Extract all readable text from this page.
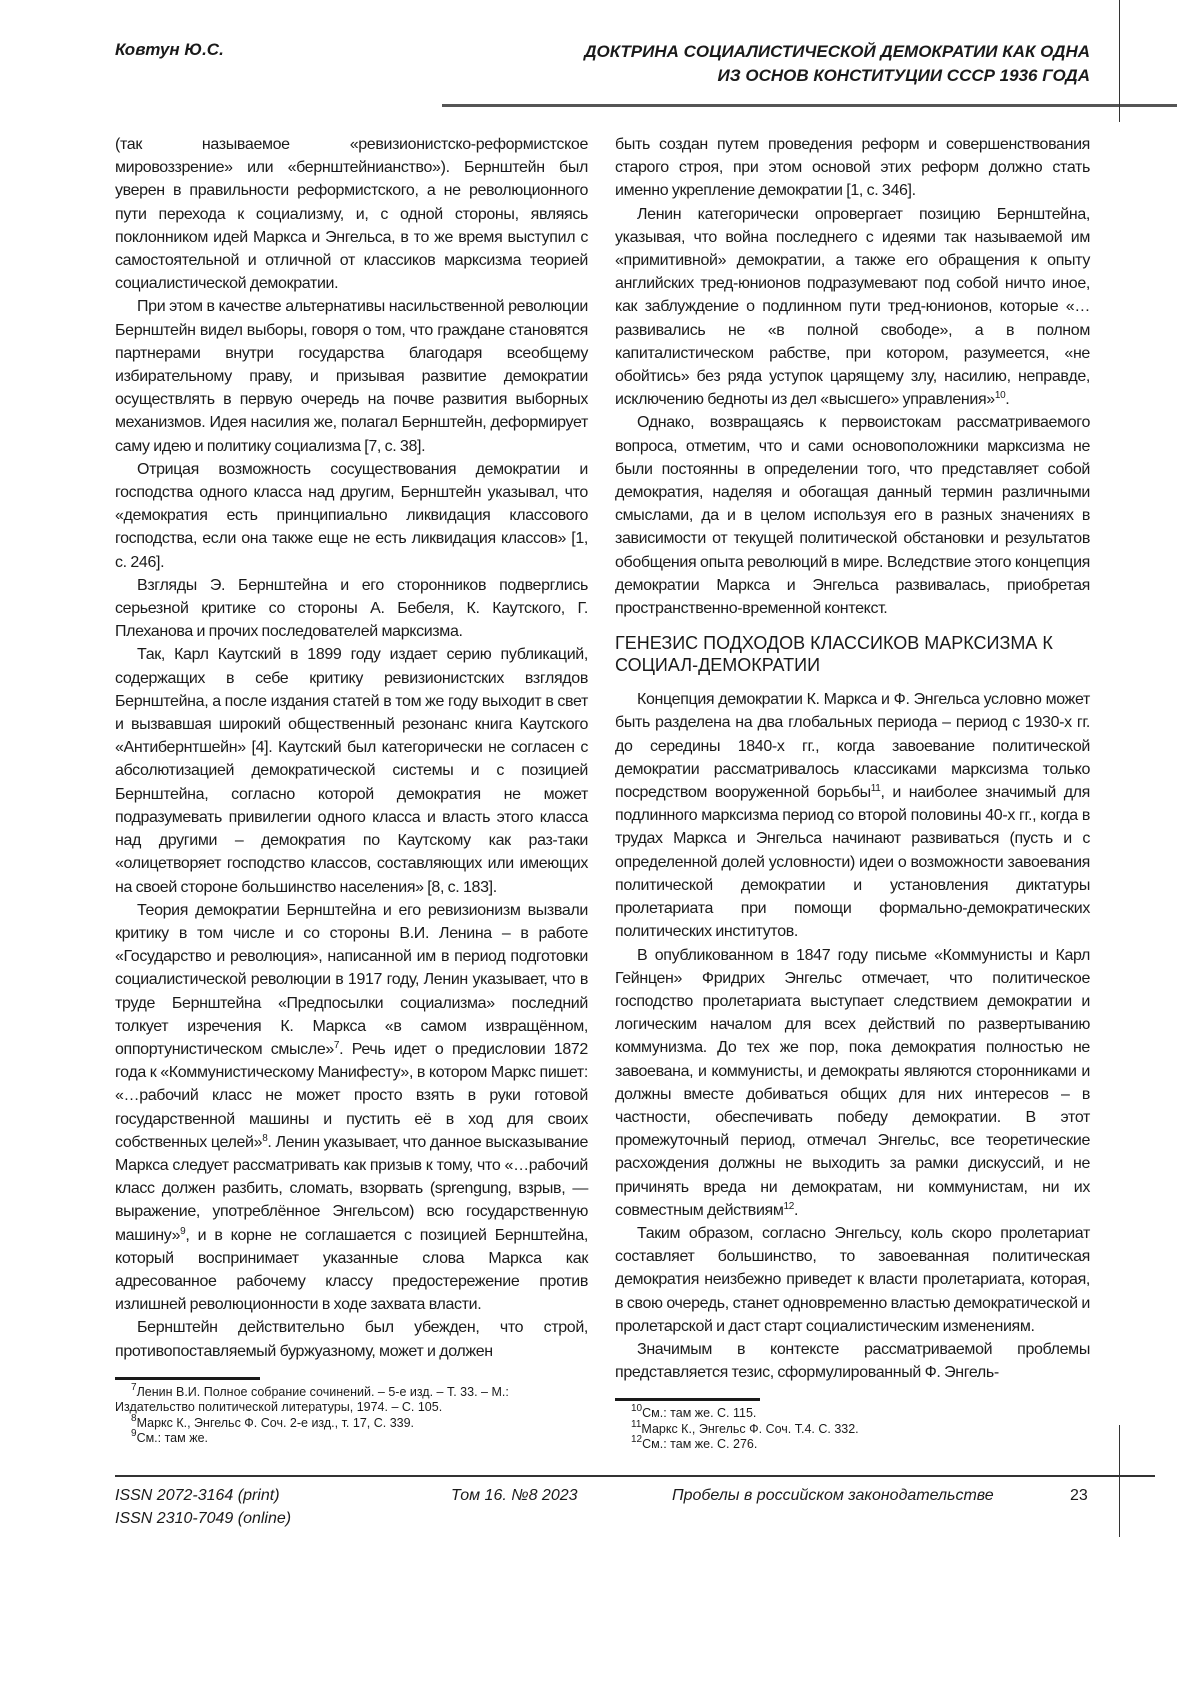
Ковтун Ю.С.	ДОКТРИНА СОЦИАЛИСТИЧЕСКОЙ ДЕМОКРАТИИ КАК ОДНА
ИЗ ОСНОВ КОНСТИТУЦИИ СССР 1936 ГОДА

(так называемое «ревизионистско-реформистское мировоззрение» или «бернштейнианство»). Бернштейн был уверен в правильности реформистского, а не революционного пути перехода к социализму, и, с одной стороны, являясь поклонником идей Маркса и Энгельса, в то же время выступил с самостоятельной и отличной от классиков марксизма теорией социалистической демократии.

При этом в качестве альтернативы насильственной революции Бернштейн видел выборы, говоря о том, что граждане становятся партнерами внутри государства благодаря всеобщему избирательному праву, и призывая развитие демократии осуществлять в первую очередь на почве развития выборных механизмов. Идея насилия же, полагал Бернштейн, деформирует саму идею и политику социализма [7, с. 38].

Отрицая возможность сосуществования демократии и господства одного класса над другим, Бернштейн указывал, что «демократия есть принципиально ликвидация классового господства, если она также еще не есть ликвидация классов» [1, с. 246].

Взгляды Э. Бернштейна и его сторонников подверглись серьезной критике со стороны А. Бебеля, К. Каутского, Г. Плеханова и прочих последователей марксизма.

Так, Карл Каутский в 1899 году издает серию публикаций, содержащих в себе критику ревизионистских взглядов Бернштейна, а после издания статей в том же году выходит в свет и вызвавшая широкий общественный резонанс книга Каутского «Антибернтшейн» [4]. Каутский был категорически не согласен с абсолютизацией демократической системы и с позицией Бернштейна, согласно которой демократия не может подразумевать привилегии одного класса и власть этого класса над другими – демократия по Каутскому как раз-таки «олицетворяет господство классов, составляющих или имеющих на своей стороне большинство населения» [8, с. 183].

Теория демократии Бернштейна и его ревизионизм вызвали критику в том числе и со стороны В.И. Ленина – в работе «Государство и революция», написанной им в период подготовки социалистической революции в 1917 году, Ленин указывает, что в труде Бернштейна «Предпосылки социализма» последний толкует изречения К. Маркса «в самом извращённом, оппортунистическом смысле»7. Речь идет о предисловии 1872 года к «Коммунистическому Манифесту», в котором Маркс пишет: «…рабочий класс не может просто взять в руки готовой государственной машины и пустить её в ход для своих собственных целей»8. Ленин указывает, что данное высказывание Маркса следует рассматривать как призыв к тому, что «…рабочий класс должен разбить, сломать, взорвать (sprengung, взрыв, — выражение, употреблённое Энгельсом) всю государственную машину»9, и в корне не соглашается с позицией Бернштейна, который воспринимает указанные слова Маркса как адресованное рабочему классу предостережение против излишней революционности в ходе захвата власти.

Бернштейн действительно был убежден, что строй, противопоставляемый буржуазному, может и должен

7Ленин В.И. Полное собрание сочинений. – 5-е изд. – Т. 33. – М.: Издательство политической литературы, 1974. – С. 105.
8Маркс К., Энгельс Ф. Соч. 2-е изд., т. 17, С. 339.
9См.: там же.

быть создан путем проведения реформ и совершенствования старого строя, при этом основой этих реформ должно стать именно укрепление демократии [1, с. 346].

Ленин категорически опровергает позицию Бернштейна, указывая, что война последнего с идеями так называемой им «примитивной» демократии, а также его обращения к опыту английских тред-юнионов подразумевают под собой ничто иное, как заблуждение о подлинном пути тред-юнионов, которые «…развивались не «в полной свободе», а в полном капиталистическом рабстве, при котором, разумеется, «не обойтись» без ряда уступок царящему злу, насилию, неправде, исключению бедноты из дел «высшего» управления»10.

Однако, возвращаясь к первоистокам рассматриваемого вопроса, отметим, что и сами основоположники марксизма не были постоянны в определении того, что представляет собой демократия, наделяя и обогащая данный термин различными смыслами, да и в целом используя его в разных значениях в зависимости от текущей политической обстановки и результатов обобщения опыта революций в мире. Вследствие этого концепция демократии Маркса и Энгельса развивалась, приобретая пространственно-временной контекст.

ГЕНЕЗИС ПОДХОДОВ КЛАССИКОВ МАРКСИЗМА К СОЦИАЛ-ДЕМОКРАТИИ

Концепция демократии К. Маркса и Ф. Энгельса условно может быть разделена на два глобальных периода – период с 1930-х гг. до середины 1840-х гг., когда завоевание политической демократии рассматривалось классиками марксизма только посредством вооруженной борьбы11, и наиболее значимый для подлинного марксизма период со второй половины 40-х гг., когда в трудах Маркса и Энгельса начинают развиваться (пусть и с определенной долей условности) идеи о возможности завоевания политической демократии и установления диктатуры пролетариата при помощи формально-демократических политических институтов.

В опубликованном в 1847 году письме «Коммунисты и Карл Гейнцен» Фридрих Энгельс отмечает, что политическое господство пролетариата выступает следствием демократии и логическим началом для всех действий по развертыванию коммунизма. До тех же пор, пока демократия полностью не завоевана, и коммунисты, и демократы являются сторонниками и должны вместе добиваться общих для них интересов – в частности, обеспечивать победу демократии. В этот промежуточный период, отмечал Энгельс, все теоретические расхождения должны не выходить за рамки дискуссий, и не причинять вреда ни демократам, ни коммунистам, ни их совместным действиям12.

Таким образом, согласно Энгельсу, коль скоро пролетариат составляет большинство, то завоеванная политическая демократия неизбежно приведет к власти пролетариата, которая, в свою очередь, станет одновременно властью демократической и пролетарской и даст старт социалистическим изменениям.

Значимым в контексте рассматриваемой проблемы представляется тезис, сформулированный Ф. Энгель-

10См.: там же. С. 115.
11Маркс К., Энгельс Ф. Соч. Т.4. С. 332.
12См.: там же. С. 276.
ISSN 2072-3164 (print)
ISSN 2310-7049 (online)
Том 16. №8 2023	Пробелы в российском законодательстве	23
